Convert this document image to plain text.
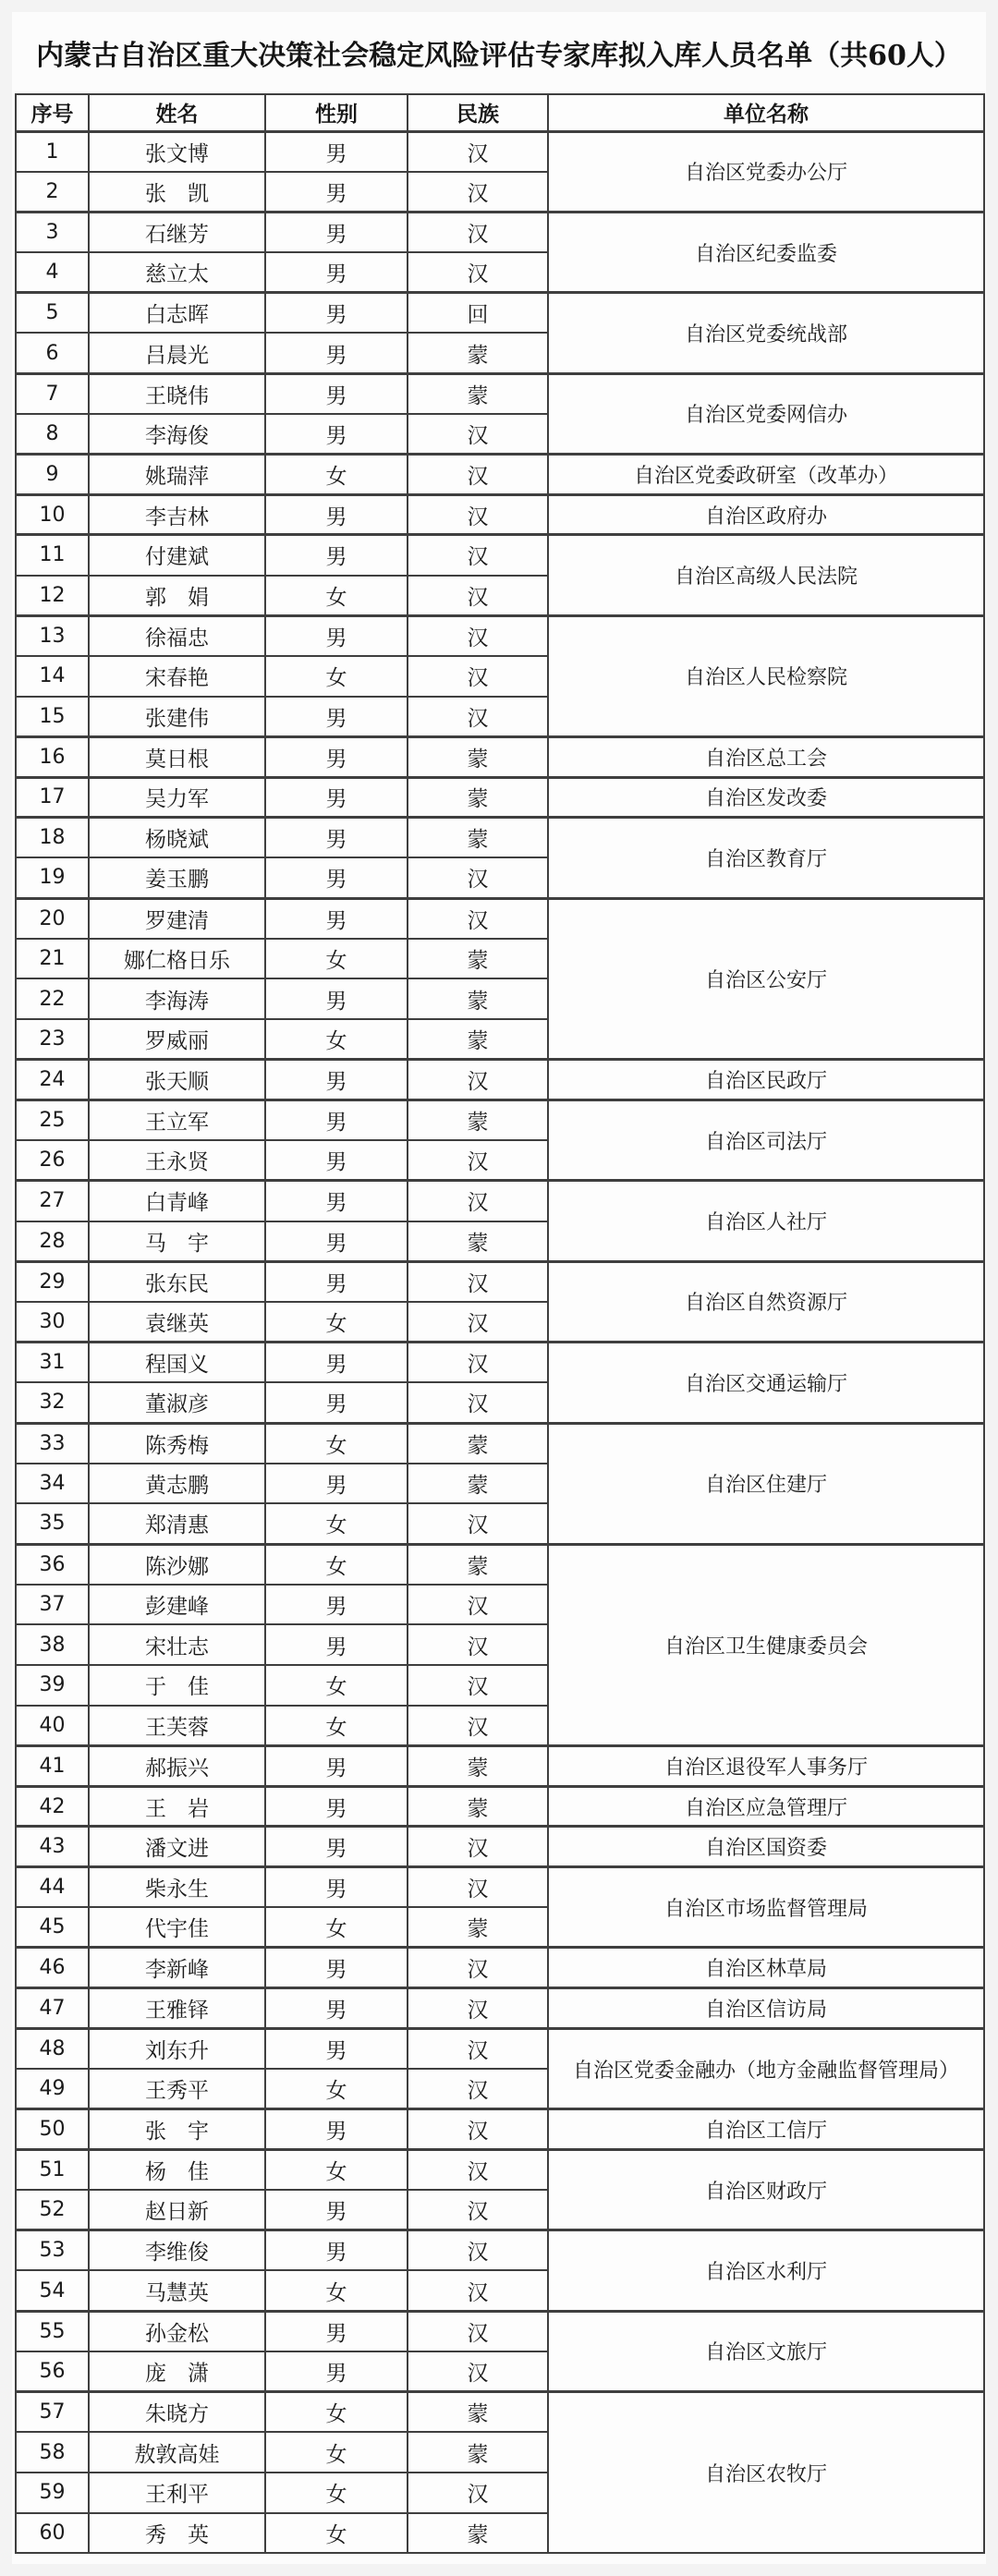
内蒙古自治区重大决策社会稳定风险评估专家库拟入库人员名单（共60人）
序号	姓名	性别	民族	单位名称
1	张文博	男	汉	自治区党委办公厅
2	张　凯	男	汉	
3	石继芳	男	汉	自治区纪委监委
4	慈立太	男	汉	
5	白志晖	男	回	自治区党委统战部
6	吕晨光	男	蒙	
7	王晓伟	男	蒙	自治区党委网信办
8	李海俊	男	汉	
9	姚瑞萍	女	汉	自治区党委政研室（改革办）
10	李吉林	男	汉	自治区政府办
11	付建斌	男	汉	自治区高级人民法院
12	郭　娟	女	汉	
13	徐福忠	男	汉	自治区人民检察院
14	宋春艳	女	汉	
15	张建伟	男	汉	
16	莫日根	男	蒙	自治区总工会
17	吴力军	男	蒙	自治区发改委
18	杨晓斌	男	蒙	自治区教育厅
19	姜玉鹏	男	汉	
20	罗建清	男	汉	自治区公安厅
21	娜仁格日乐	女	蒙	
22	李海涛	男	蒙	
23	罗威丽	女	蒙	
24	张天顺	男	汉	自治区民政厅
25	王立军	男	蒙	自治区司法厅
26	王永贤	男	汉	
27	白青峰	男	汉	自治区人社厅
28	马　宇	男	蒙	
29	张东民	男	汉	自治区自然资源厅
30	袁继英	女	汉	
31	程国义	男	汉	自治区交通运输厅
32	董淑彦	男	汉	
33	陈秀梅	女	蒙	自治区住建厅
34	黄志鹏	男	蒙	
35	郑清惠	女	汉	
36	陈沙娜	女	蒙	自治区卫生健康委员会
37	彭建峰	男	汉	
38	宋壮志	男	汉	
39	于　佳	女	汉	
40	王芙蓉	女	汉	
41	郝振兴	男	蒙	自治区退役军人事务厅
42	王　岩	男	蒙	自治区应急管理厅
43	潘文进	男	汉	自治区国资委
44	柴永生	男	汉	自治区市场监督管理局
45	代宇佳	女	蒙	
46	李新峰	男	汉	自治区林草局
47	王雅铎	男	汉	自治区信访局
48	刘东升	男	汉	自治区党委金融办（地方金融监督管理局）
49	王秀平	女	汉	
50	张　宇	男	汉	自治区工信厅
51	杨　佳	女	汉	自治区财政厅
52	赵日新	男	汉	
53	李维俊	男	汉	自治区水利厅
54	马慧英	女	汉	
55	孙金松	男	汉	自治区文旅厅
56	庞　潇	男	汉	
57	朱晓方	女	蒙	自治区农牧厅
58	敖敦高娃	女	蒙	
59	王利平	女	汉	
60	秀　英	女	蒙	
